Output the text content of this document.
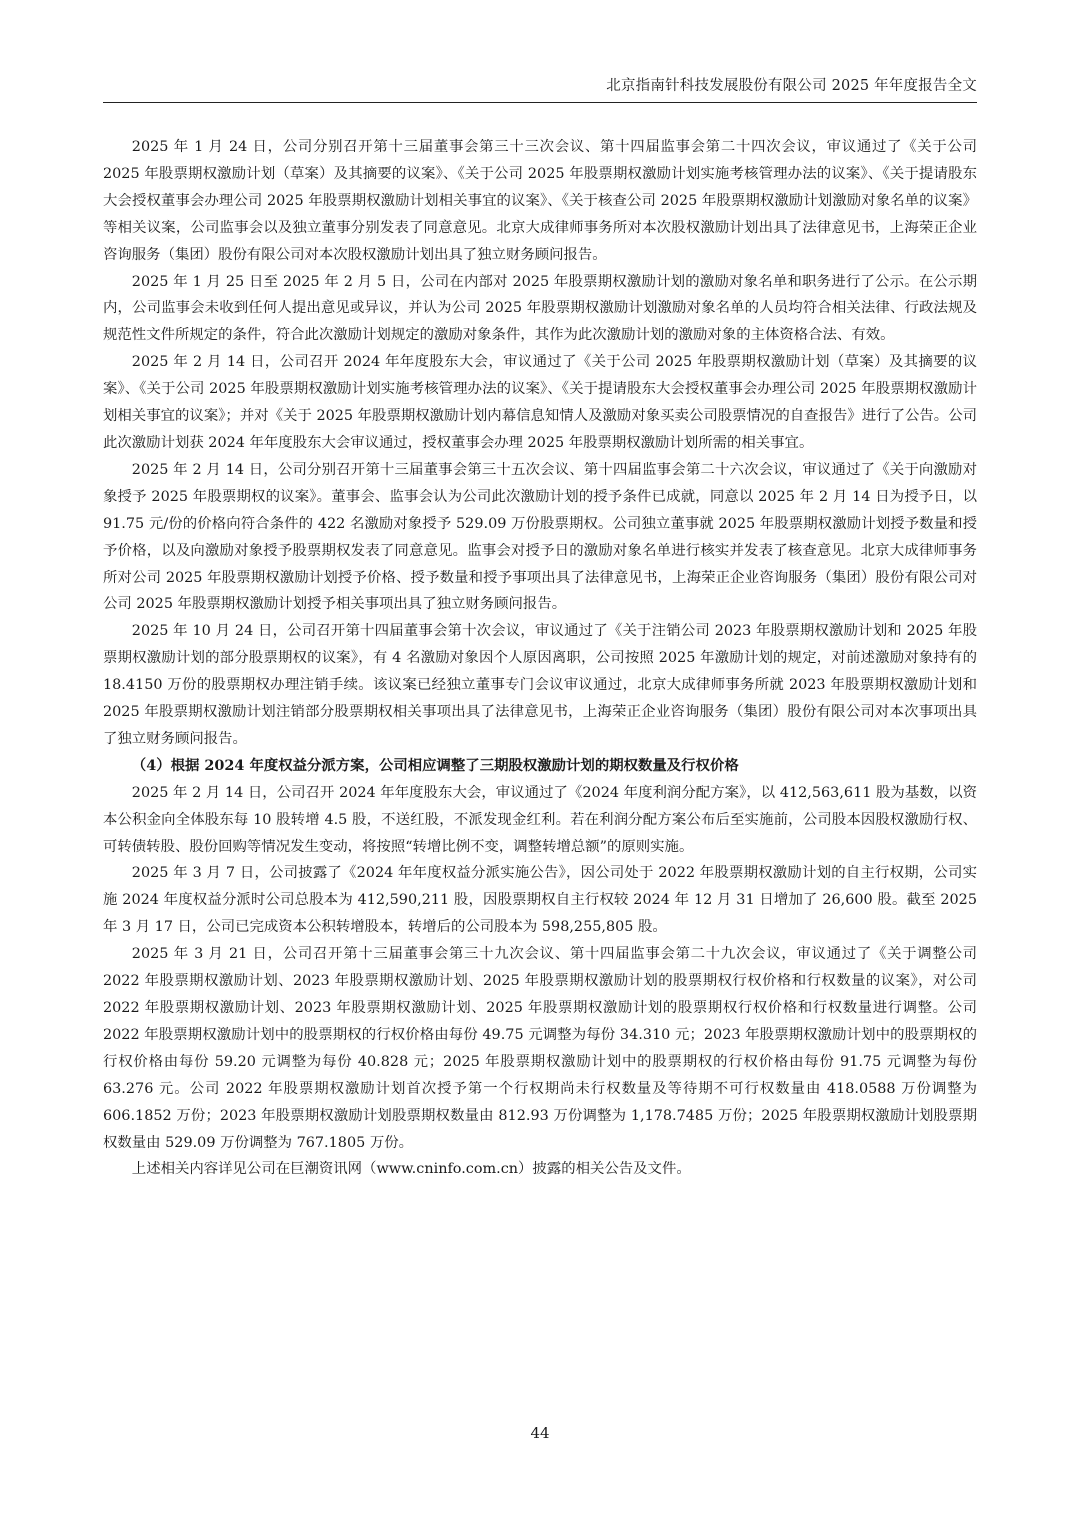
北京指南针科技发展股份有限公司 2025 年年度报告全文

2025 年 1 月 24 日，公司分别召开第十三届董事会第三十三次会议、第十四届监事会第二十四次会议，审议通过了《关于公司 2025 年股票期权激励计划（草案）及其摘要的议案》、《关于公司 2025 年股票期权激励计划实施考核管理办法的议案》、《关于提请股东大会授权董事会办理公司 2025 年股票期权激励计划相关事宜的议案》、《关于核查公司 2025 年股票期权激励计划激励对象名单的议案》等相关议案，公司监事会以及独立董事分别发表了同意意见。北京大成律师事务所对本次股权激励计划出具了法律意见书，上海荣正企业咨询服务（集团）股份有限公司对本次股权激励计划出具了独立财务顾问报告。

2025 年 1 月 25 日至 2025 年 2 月 5 日，公司在内部对 2025 年股票期权激励计划的激励对象名单和职务进行了公示。在公示期内，公司监事会未收到任何人提出意见或异议，并认为公司 2025 年股票期权激励计划激励对象名单的人员均符合相关法律、行政法规及规范性文件所规定的条件，符合此次激励计划规定的激励对象条件，其作为此次激励计划的激励对象的主体资格合法、有效。

2025 年 2 月 14 日，公司召开 2024 年年度股东大会，审议通过了《关于公司 2025 年股票期权激励计划（草案）及其摘要的议案》、《关于公司 2025 年股票期权激励计划实施考核管理办法的议案》、《关于提请股东大会授权董事会办理公司 2025 年股票期权激励计划相关事宜的议案》；并对《关于 2025 年股票期权激励计划内幕信息知情人及激励对象买卖公司股票情况的自查报告》进行了公告。公司此次激励计划获 2024 年年度股东大会审议通过，授权董事会办理 2025 年股票期权激励计划所需的相关事宜。

2025 年 2 月 14 日，公司分别召开第十三届董事会第三十五次会议、第十四届监事会第二十六次会议，审议通过了《关于向激励对象授予 2025 年股票期权的议案》。董事会、监事会认为公司此次激励计划的授予条件已成就，同意以 2025 年 2 月 14 日为授予日，以 91.75 元/份的价格向符合条件的 422 名激励对象授予 529.09 万份股票期权。公司独立董事就 2025 年股票期权激励计划授予数量和授予价格，以及向激励对象授予股票期权发表了同意意见。监事会对授予日的激励对象名单进行核实并发表了核查意见。北京大成律师事务所对公司 2025 年股票期权激励计划授予价格、授予数量和授予事项出具了法律意见书，上海荣正企业咨询服务（集团）股份有限公司对公司 2025 年股票期权激励计划授予相关事项出具了独立财务顾问报告。

2025 年 10 月 24 日，公司召开第十四届董事会第十次会议，审议通过了《关于注销公司 2023 年股票期权激励计划和 2025 年股票期权激励计划的部分股票期权的议案》，有 4 名激励对象因个人原因离职，公司按照 2025 年激励计划的规定，对前述激励对象持有的 18.4150 万份的股票期权办理注销手续。该议案已经独立董事专门会议审议通过，北京大成律师事务所就 2023 年股票期权激励计划和 2025 年股票期权激励计划注销部分股票期权相关事项出具了法律意见书，上海荣正企业咨询服务（集团）股份有限公司对本次事项出具了独立财务顾问报告。

（4）根据 2024 年度权益分派方案，公司相应调整了三期股权激励计划的期权数量及行权价格

2025 年 2 月 14 日，公司召开 2024 年年度股东大会，审议通过了《2024 年度利润分配方案》，以 412,563,611 股为基数，以资本公积金向全体股东每 10 股转增 4.5 股，不送红股，不派发现金红利。若在利润分配方案公布后至实施前，公司股本因股权激励行权、可转债转股、股份回购等情况发生变动，将按照“转增比例不变，调整转增总额”的原则实施。

2025 年 3 月 7 日，公司披露了《2024 年年度权益分派实施公告》，因公司处于 2022 年股票期权激励计划的自主行权期，公司实施 2024 年度权益分派时公司总股本为 412,590,211 股，因股票期权自主行权较 2024 年 12 月 31 日增加了 26,600 股。截至 2025 年 3 月 17 日，公司已完成资本公积转增股本，转增后的公司股本为 598,255,805 股。

2025 年 3 月 21 日，公司召开第十三届董事会第三十九次会议、第十四届监事会第二十九次会议，审议通过了《关于调整公司 2022 年股票期权激励计划、2023 年股票期权激励计划、2025 年股票期权激励计划的股票期权行权价格和行权数量的议案》，对公司 2022 年股票期权激励计划、2023 年股票期权激励计划、2025 年股票期权激励计划的股票期权行权价格和行权数量进行调整。公司 2022 年股票期权激励计划中的股票期权的行权价格由每份 49.75 元调整为每份 34.310 元；2023 年股票期权激励计划中的股票期权的行权价格由每份 59.20 元调整为每份 40.828 元；2025 年股票期权激励计划中的股票期权的行权价格由每份 91.75 元调整为每份 63.276 元。公司 2022 年股票期权激励计划首次授予第一个行权期尚未行权数量及等待期不可行权数量由 418.0588 万份调整为 606.1852 万份；2023 年股票期权激励计划股票期权数量由 812.93 万份调整为 1,178.7485 万份；2025 年股票期权激励计划股票期权数量由 529.09 万份调整为 767.1805 万份。

上述相关内容详见公司在巨潮资讯网（www.cninfo.com.cn）披露的相关公告及文件。

44
